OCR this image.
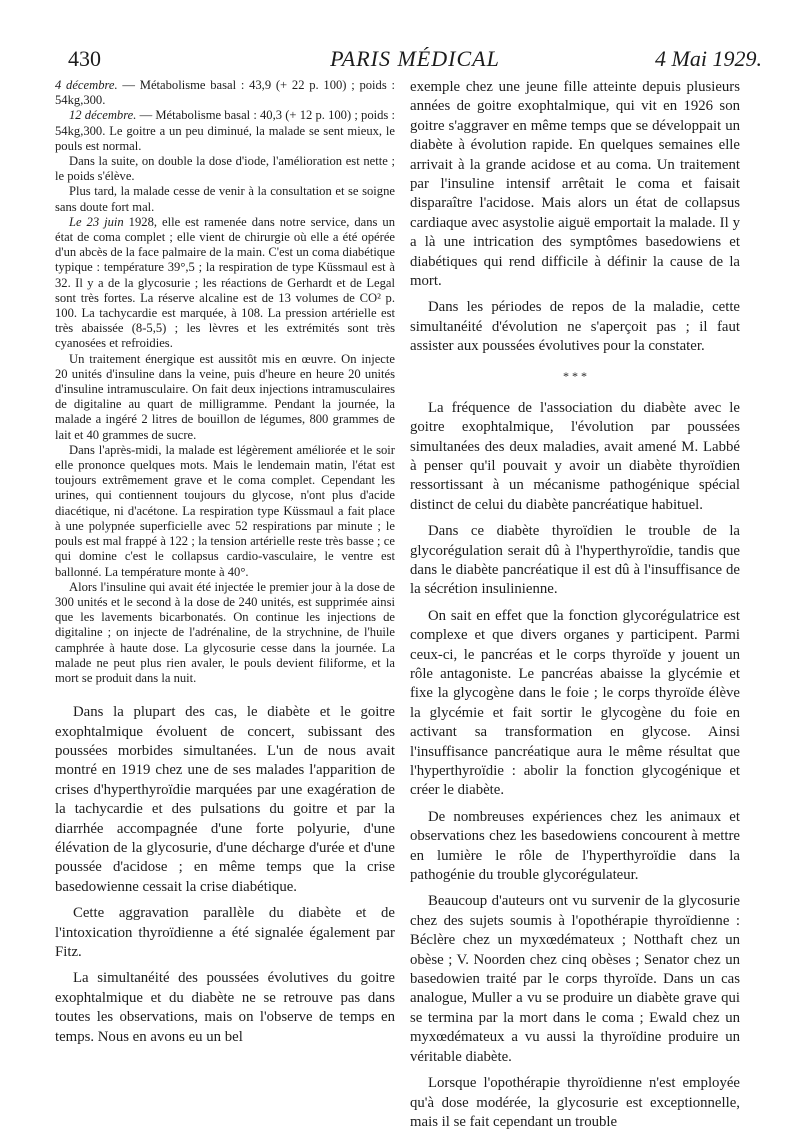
430	PARIS MÉDICAL	4 Mai 1929.

4 décembre. — Métabolisme basal : 43,9 (+ 22 p. 100) ; poids : 54kg,300.

12 décembre. — Métabolisme basal : 40,3 (+ 12 p. 100) ; poids : 54kg,300. Le goitre a un peu diminué, la malade se sent mieux, le pouls est normal.

Dans la suite, on double la dose d'iode, l'amélioration est nette ; le poids s'élève.

Plus tard, la malade cesse de venir à la consultation et se soigne sans doute fort mal.

Le 23 juin 1928, elle est ramenée dans notre service, dans un état de coma complet ; elle vient de chirurgie où elle a été opérée d'un abcès de la face palmaire de la main. C'est un coma diabétique typique : température 39°,5 ; la respiration de type Küssmaul est à 32. Il y a de la glycosurie ; les réactions de Gerhardt et de Legal sont très fortes. La réserve alcaline est de 13 volumes de CO² p. 100. La tachycardie est marquée, à 108. La pression artérielle est très abaissée (8-5,5) ; les lèvres et les extrémités sont très cyanosées et refroidies.

Un traitement énergique est aussitôt mis en œuvre. On injecte 20 unités d'insuline dans la veine, puis d'heure en heure 20 unités d'insuline intramusculaire. On fait deux injections intramusculaires de digitaline au quart de milligramme. Pendant la journée, la malade a ingéré 2 litres de bouillon de légumes, 800 grammes de lait et 40 grammes de sucre.

Dans l'après-midi, la malade est légèrement améliorée et le soir elle prononce quelques mots. Mais le lendemain matin, l'état est toujours extrêmement grave et le coma complet. Cependant les urines, qui contiennent toujours du glycose, n'ont plus d'acide diacétique, ni d'acétone. La respiration type Küssmaul a fait place à une polypnée superficielle avec 52 respirations par minute ; le pouls est mal frappé à 122 ; la tension artérielle reste très basse ; ce qui domine c'est le collapsus cardio-vasculaire, le ventre est ballonné. La température monte à 40°.

Alors l'insuline qui avait été injectée le premier jour à la dose de 300 unités et le second à la dose de 240 unités, est supprimée ainsi que les lavements bicarbonatés. On continue les injections de digitaline ; on injecte de l'adrénaline, de la strychnine, de l'huile camphrée à haute dose. La glycosurie cesse dans la journée. La malade ne peut plus rien avaler, le pouls devient filiforme, et la mort se produit dans la nuit.

Dans la plupart des cas, le diabète et le goitre exophtalmique évoluent de concert, subissant des poussées morbides simultanées. L'un de nous avait montré en 1919 chez une de ses malades l'apparition de crises d'hyperthyroïdie marquées par une exagération de la tachycardie et des pulsations du goitre et par la diarrhée accompagnée d'une forte polyurie, d'une élévation de la glycosurie, d'une décharge d'urée et d'une poussée d'acidose ; en même temps que la crise basedowienne cessait la crise diabétique.

Cette aggravation parallèle du diabète et de l'intoxication thyroïdienne a été signalée également par Fitz.

La simultanéité des poussées évolutives du goitre exophtalmique et du diabète ne se retrouve pas dans toutes les observations, mais on l'observe de temps en temps. Nous en avons eu un bel

exemple chez une jeune fille atteinte depuis plusieurs années de goitre exophtalmique, qui vit en 1926 son goitre s'aggraver en même temps que se développait un diabète à évolution rapide. En quelques semaines elle arrivait à la grande acidose et au coma. Un traitement par l'insuline intensif arrêtait le coma et faisait disparaître l'acidose. Mais alors un état de collapsus cardiaque avec asystolie aiguë emportait la malade. Il y a là une intrication des symptômes basedowiens et diabétiques qui rend difficile à définir la cause de la mort.

Dans les périodes de repos de la maladie, cette simultanéité d'évolution ne s'aperçoit pas ; il faut assister aux poussées évolutives pour la constater.

* * *

La fréquence de l'association du diabète avec le goitre exophtalmique, l'évolution par poussées simultanées des deux maladies, avait amené M. Labbé à penser qu'il pouvait y avoir un diabète thyroïdien ressortissant à un mécanisme pathogénique spécial distinct de celui du diabète pancréatique habituel.

Dans ce diabète thyroïdien le trouble de la glycorégulation serait dû à l'hyperthyroïdie, tandis que dans le diabète pancréatique il est dû à l'insuffisance de la sécrétion insulinienne.

On sait en effet que la fonction glycorégulatrice est complexe et que divers organes y participent. Parmi ceux-ci, le pancréas et le corps thyroïde y jouent un rôle antagoniste. Le pancréas abaisse la glycémie et fixe la glycogène dans le foie ; le corps thyroïde élève la glycémie et fait sortir le glycogène du foie en activant sa transformation en glycose. Ainsi l'insuffisance pancréatique aura le même résultat que l'hyperthyroïdie : abolir la fonction glycogénique et créer le diabète.

De nombreuses expériences chez les animaux et observations chez les basedowiens concourent à mettre en lumière le rôle de l'hyperthyroïdie dans la pathogénie du trouble glycorégulateur.

Beaucoup d'auteurs ont vu survenir de la glycosurie chez des sujets soumis à l'opothérapie thyroïdienne : Béclère chez un myxœdémateux ; Notthaft chez un obèse ; V. Noorden chez cinq obèses ; Senator chez un basedowien traité par le corps thyroïde. Dans un cas analogue, Muller a vu se produire un diabète grave qui se termina par la mort dans le coma ; Ewald chez un myxœdémateux a vu aussi la thyroïdine produire un véritable diabète.

Lorsque l'opothérapie thyroïdienne n'est employée qu'à dose modérée, la glycosurie est exceptionnelle, mais il se fait cependant un trouble
